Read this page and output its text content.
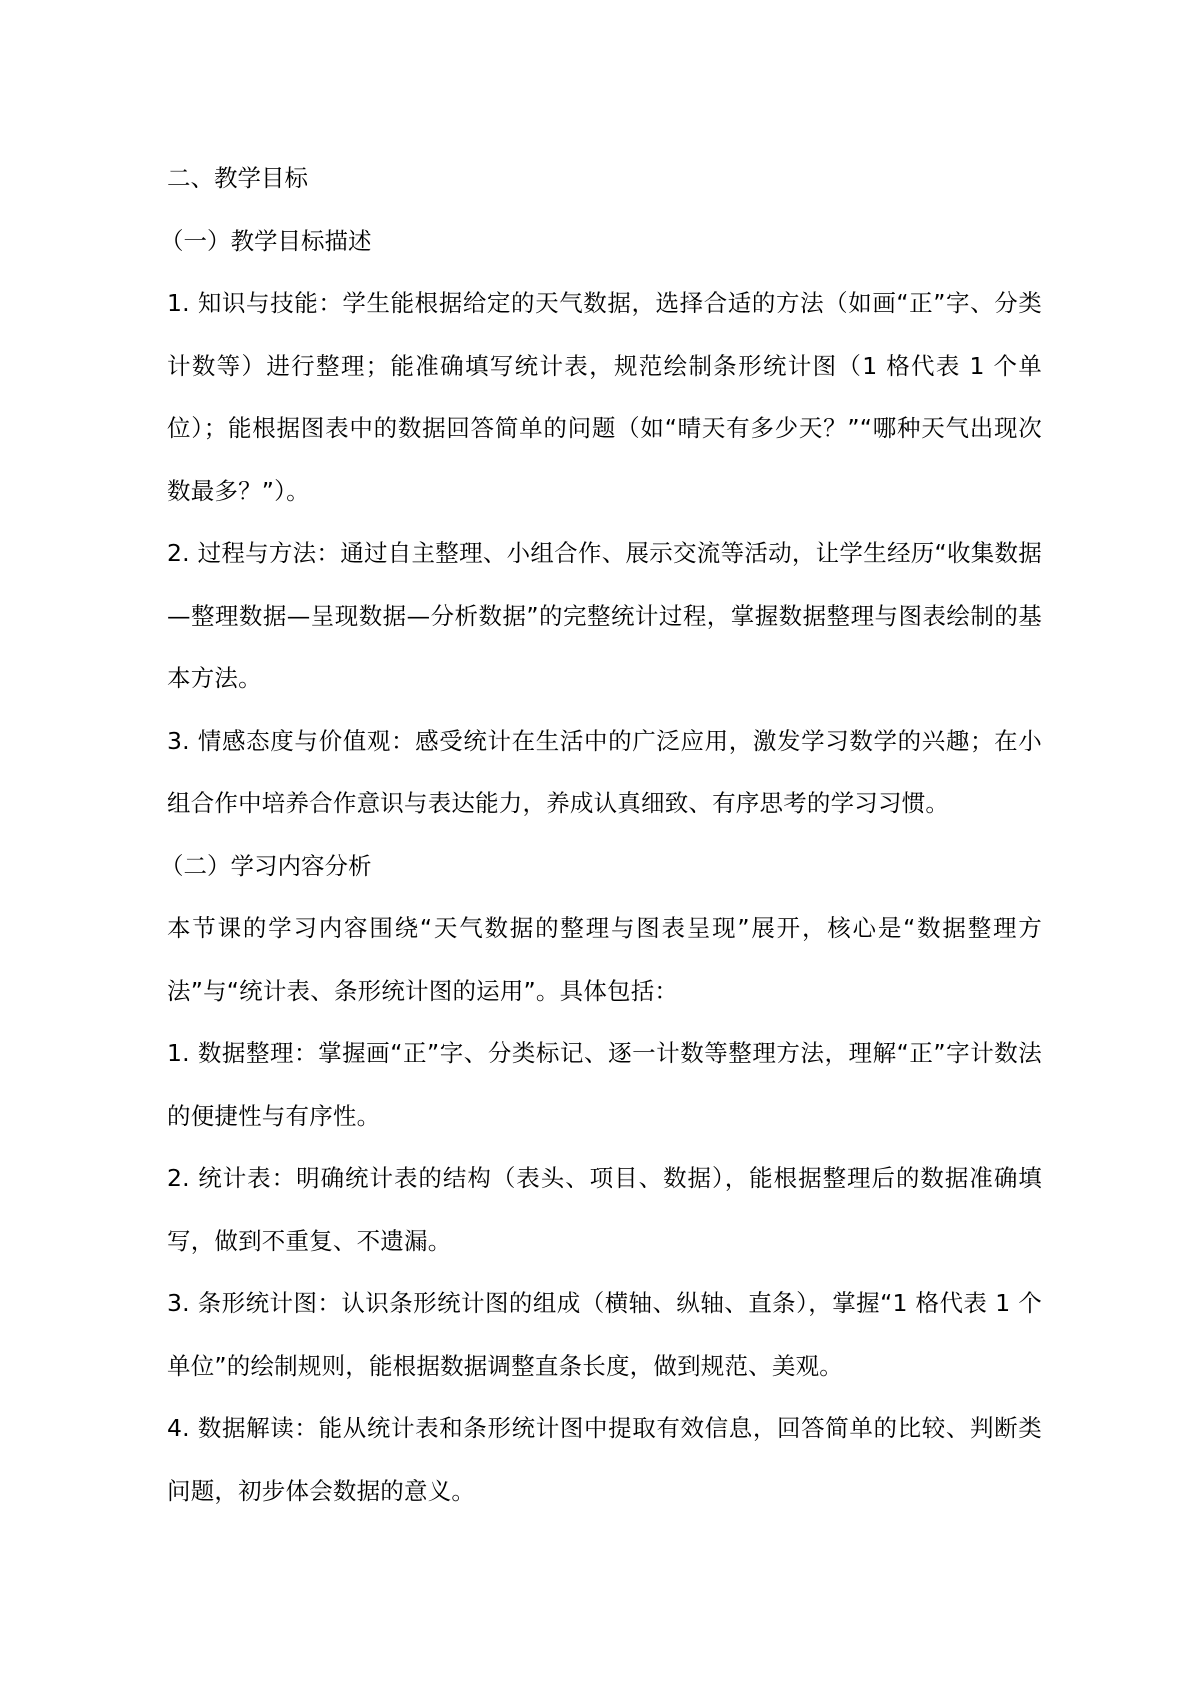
二、教学目标

（一）教学目标描述

1. 知识与技能：学生能根据给定的天气数据，选择合适的方法（如画“正”字、分类计数等）进行整理；能准确填写统计表，规范绘制条形统计图（1 格代表 1 个单位）；能根据图表中的数据回答简单的问题（如“晴天有多少天？”“哪种天气出现次数最多？”）。

2. 过程与方法：通过自主整理、小组合作、展示交流等活动，让学生经历“收集数据—整理数据—呈现数据—分析数据”的完整统计过程，掌握数据整理与图表绘制的基本方法。

3. 情感态度与价值观：感受统计在生活中的广泛应用，激发学习数学的兴趣；在小组合作中培养合作意识与表达能力，养成认真细致、有序思考的学习习惯。

（二）学习内容分析

本节课的学习内容围绕“天气数据的整理与图表呈现”展开，核心是“数据整理方法”与“统计表、条形统计图的运用”。具体包括：

1. 数据整理：掌握画“正”字、分类标记、逐一计数等整理方法，理解“正”字计数法的便捷性与有序性。

2. 统计表：明确统计表的结构（表头、项目、数据），能根据整理后的数据准确填写，做到不重复、不遗漏。

3. 条形统计图：认识条形统计图的组成（横轴、纵轴、直条），掌握“1 格代表 1 个单位”的绘制规则，能根据数据调整直条长度，做到规范、美观。

4. 数据解读：能从统计表和条形统计图中提取有效信息，回答简单的比较、判断类问题，初步体会数据的意义。
